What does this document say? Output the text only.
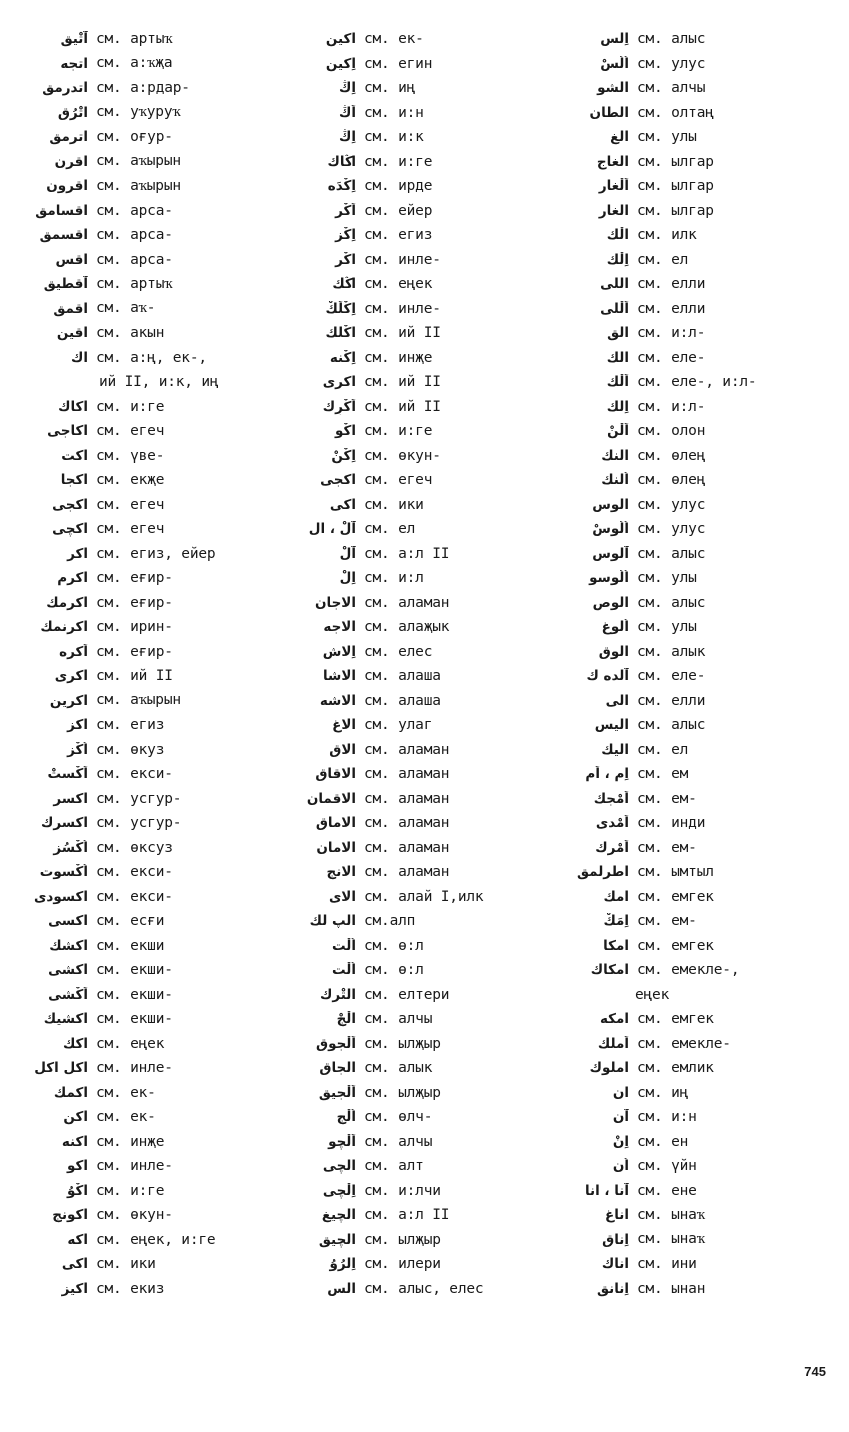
آتْيق см. артыҡ
اتجه см. а:ҡҗа
اتدرمق см. а:рдар-
اتْرُق см. уҡуруҡ
اترمق см. оғур-
اقرن см. аҡырын
اقرون см. аҡырын
اقسامق см. арса-
اقسمق см. арса-
اقس см. арса-
آقطيق см. артыҡ
اقمق см. аҡ-
اقين см. акын
اك см. а:ң, ек-,
ий II, и:к, иң
اكاك см. и:ге
اكاجى см. егеч
اكت см. үве-
اكجا см. екҗе
اكجى см. егеч
اكچى см. егеч
اكر см. егиз, ейер
اكرم см. еғир-
اكرمك см. еғир-
اكرنمك см. ирин-
اَكره см. еғир-
اكرى см. ий II
اكرين см. аҡырын
اكز см. егиз
اُكْز см. өкуз
اَكْستْ см. екси-
اكسر см. усгур-
اكسرك см. усгур-
اُكْسُز см. өксуз
اُكْسوت см. екси-
اكسودى см. екси-
اكسى см. есғи
اكشك см. екши
اكشى см. екши-
اَكْشى см. екши-
اكشيك см. екши-
اكك см. еңек
اكل اكل см. инле-
اكمك см. ек-
اكن см. ек-
اكنه см. инҗе
اكو см. инле-
اكْوُ см. и:ге
اكونج см. өкун-
اكه см. еңек, и:ге
اكى см. ики
اكيز см. екиз
اكين см. ек-
اِكين см. егин
اِڭ см. иң
اَڭ см. и:н
اِڭ см. и:к
اڭاك см. и:ге
اِكْدَه см. ирде
اَكْر см. ейер
اِكْز см. егиз
اكْر см. инле-
اڭك см. еңек
اِكْلَكْ см. инле-
اكْلك см. ий II
اِكْنه см. инҗе
اكرى см. ий II
اَكْرِك см. ий II
اكْو см. и:ге
اِكْنْ см. өкун-
اكجى см. егеч
اكى см. ики
آلْ ، ال см. ел
آلْ см. а:л II
اِلْ см. и:л
الاجان см. аламан
الاجه см. алаҗык
اِلاش см. елес
الاشا см. алаша
الاشه см. алаша
الاغ см. улаг
الاق см. аламан
الاقاق см. аламан
الاقمان см. аламан
الاماق см. аламан
الامان см. аламан
الانج см. аламан
الاى см. алай I,илк
الپ لك см.алп
اُلْت см. ө:л
اُلْت см. ө:л
التْرك см. елтери
الْجْ см. алчы
اَلْجوق см. ылҗыр
الجاق см. алык
اَلْجيق см. ылҗыр
اُلْج см. өлч-
اَلْچو см. алчы
الچى см. алт
اِلْچى см. и:лчи
الچيغ см. а:л II
الچيق см. ылҗыр
اِلرُوُ см. илери
الس см. алыс, елес
اِلس см. алыс
اُلُسْ см. улус
الشو см. алчы
الطان см. олтаң
الغ см. улы
الغاج см. ылгар
اَلْغار см. ылгар
الغار см. ылгар
الْك см. илк
اِلْك см. ел
اللى см. елли
اَلْلى см. елли
الق см. и:л-
الك см. еле-
اَلْك см. еле-, и:л-
اِلك см. и:л-
اَلْنْ см. олон
النك см. өлең
اُلنك см. өлең
الوس см. улус
اُلُوسْ см. улус
آلوس см. алыс
اُلُوسو см. улы
الوص см. алыс
اُلوغ см. улы
الوق см. алык
آلده ك см. еле-
الى см. елли
اليس см. алыс
اليك см. ел
اِم ، اَم см. ем
اَمْجك см. ем-
اَمْدى см. инди
اَمْرك см. ем-
اطرلمق см. ымтыл
امك см. емгек
اِمَكْ см. ем-
امكا см. емгек
امكاك см. емекле-,
еңек
امكه см. емгек
اَملك см. емекле-
املوك см. емлик
ان см. иң
آن см. и:н
اِنْ см. ен
اُن см. үйн
آنا ، انا см. ене
اناغ см. ынаҡ
اِناق см. ынаҡ
اناك см. ини
اِنانق см. ынан
745
